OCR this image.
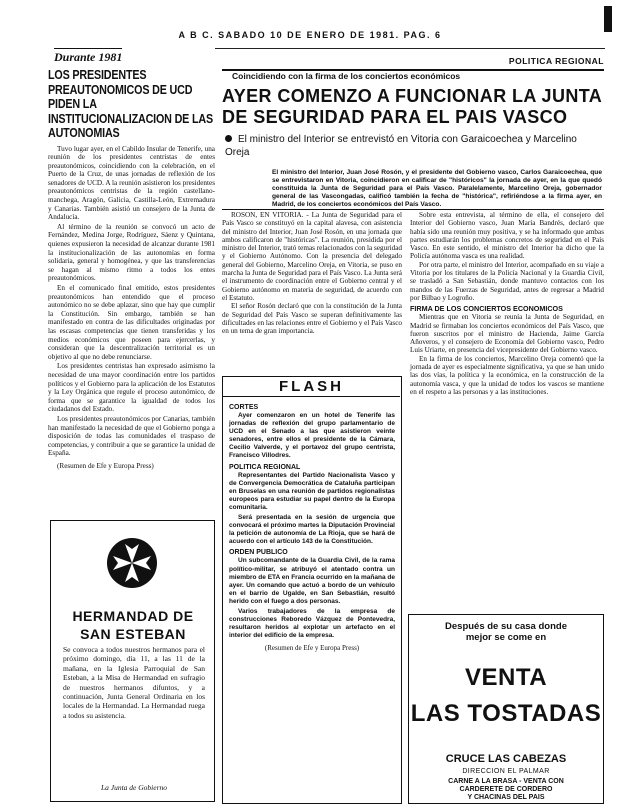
A B C. SABADO 10 DE ENERO DE 1981. PAG. 6
Durante 1981
LOS PRESIDENTES PREAUTONOMICOS DE UCD PIDEN LA INSTITUCIONALIZACION DE LAS AUTONOMIAS

Tuvo lugar ayer, en el Cabildo Insular de Tenerife, una reunión de los presidentes centristas de entes preautonómicos, coincidiendo con la celebración, en el Puerto de la Cruz, de unas jornadas de reflexión de los senadores de UCD. A la reunión asistieron los presidentes preautonómicos centristas de la región castellano-manchega, Aragón, Galicia, Castilla-León, Extremadura y Canarias. También asistió un consejero de la Junta de Andalucía.

Al término de la reunión se convocó un acto de Fernández, Medina Jorge, Rodríguez, Sáenz y Quintana, quienes expusieron la necesidad de alcanzar durante 1981 la institucionalización de las autonomías en forma solidaria, general y homogénea, y que las transferencias se hagan al mismo ritmo a todos los entes preautonómicos.

En el comunicado final emitido, estos presidentes preautonómicos han entendido que el proceso autonómico no se debe aplazar, sino que hay que cumplir la Constitución. Sin embargo, también se han manifestado en contra de las dificultades originadas por las escasas competencias que tienen transferidas y los medios económicos que poseen para ejercerlas, y consideran que la descentralización territorial es un objetivo al que no debe renunciarse.

Los presidentes centristas han expresado asimismo la necesidad de una mayor coordinación entre los partidos políticos y el Gobierno para la aplicación de los Estatutos y la Ley Orgánica que regule el proceso autonómico, de forma que se garantice la igualdad de todos los ciudadanos del Estado.

Los presidentes preautonómicos por Canarias, también han manifestado la necesidad de que el Gobierno ponga a disposición de todas las comunidades el traspaso de competencias, y contribuir a que se garantice la unidad de España.

(Resumen de Efe y Europa Press)
HERMANDAD DE SAN ESTEBAN
Se convoca a todos nuestros hermanos para el próximo domingo, día 11, a las 11 de la mañana, en la Iglesia Parroquial de San Esteban, a la Misa de Hermandad en sufragio de nuestros hermanos difuntos, y a continuación, Junta General Ordinaria en los locales de la Hermandad. La Hermandad ruega a todos su asistencia.
La Junta de Gobierno
POLITICA REGIONAL
Coincidiendo con la firma de los conciertos económicos
AYER COMENZO A FUNCIONAR LA JUNTA DE SEGURIDAD PARA EL PAIS VASCO
El ministro del Interior se entrevistó en Vitoria con Garaicoechea y Marcelino Oreja
El ministro del Interior, Juan José Rosón, y el presidente del Gobierno vasco, Carlos Garaicoechea, que se entrevistaron en Vitoria, coincidieron en calificar de "históricos" la jornada de ayer, en la que quedó constituida la Junta de Seguridad para el País Vasco. Paralelamente, Marcelino Oreja, gobernador general de las Vascongadas, calificó también la fecha de "histórica", refiriéndose a la firma ayer, en Madrid, de los conciertos económicos del País Vasco.

ROSON, EN VITORIA. - La Junta de Seguridad para el País Vasco se constituyó en la capital alavesa, con asistencia del ministro del Interior, Juan José Rosón, en una jornada que ambos calificaron de "históricas". La reunión, presidida por el ministro del Interior, trató temas relacionados con la seguridad y el Gobierno Autónomo. Con la presencia del delegado general del Gobierno, Marcelino Oreja, en Vitoria, se puso en marcha la Junta de Seguridad para el País Vasco. La Junta será el instrumento de coordinación entre el Gobierno central y el Gobierno autónomo en materia de seguridad, de acuerdo con el Estatuto.

El señor Rosón declaró que con la constitución de la Junta de Seguridad del País Vasco se superan definitivamente las dificultades en las relaciones entre el Gobierno y el País Vasco en un tema de gran importancia.

Sobre esta entrevista, al término de ella, el consejero del Interior del Gobierno vasco, Juan María Bandrés, declaró que había sido una reunión muy positiva, y se ha informado que ambas partes estudiarán los problemas concretos de seguridad en el País Vasco. En este sentido, el ministro del Interior ha dicho que la Policía autónoma vasca es una realidad.

Por otra parte, el ministro del Interior, acompañado en su viaje a Vitoria por los titulares de la Policía Nacional y la Guardia Civil, se trasladó a San Sebastián, donde mantuvo contactos con los mandos de las Fuerzas de Seguridad, antes de regresar a Madrid por Bilbao y Logroño.

FIRMA DE LOS CONCIERTOS ECONOMICOS

Mientras que en Vitoria se reunía la Junta de Seguridad, en Madrid se firmaban los conciertos económicos del País Vasco, que fueron suscritos por el ministro de Hacienda, Jaime García Añoveros, y el consejero de Economía del Gobierno vasco, Pedro Luis Uriarte, en presencia del vicepresidente del Gobierno vasco.

En la firma de los conciertos, Marcelino Oreja comentó que la jornada de ayer es especialmente significativa, ya que se han unido las dos vías, la política y la económica, en la construcción de la autonomía vasca, y que la unidad de todos los vascos se mantiene en el respeto a las personas y a las instituciones.

FLASH
CORTES
Ayer comenzaron en un hotel de Tenerife las jornadas de reflexión del grupo parlamentario de UCD en el Senado a las que asistieron veinte senadores, entre ellos el presidente de la Cámara, Cecilio Valverde, y el portavoz del grupo centrista, Francisco Villodres.
POLITICA REGIONAL
Representantes del Partido Nacionalista Vasco y de Convergencia Democrática de Cataluña participan en Bruselas en una reunión de partidos regionalistas europeos para estudiar su papel dentro de la Europa comunitaria.
Será presentada en la sesión de urgencia que convocará el próximo martes la Diputación Provincial la petición de autonomía de La Rioja, que se hará de acuerdo con el artículo 143 de la Constitución.
ORDEN PUBLICO
Un subcomandante de la Guardia Civil, de la rama político-militar, se atribuyó el atentado contra un miembro de ETA en Francia ocurrido en la mañana de ayer. Un comando que actuó a bordo de un vehículo en el barrio de Ugalde, en San Sebastián, resultó herido con el fuego a dos personas.
Varios trabajadores de la empresa de construcciones Reboredo Vázquez de Pontevedra, resultaron heridos al explotar un artefacto en el interior del edificio de la empresa.
(Resumen de Efe y Europa Press)
Después de su casa donde
mejor se come en
VENTA
LAS TOSTADAS
CRUCE LAS CABEZAS
DIRECCION EL PALMAR
CARNE A LA BRASA - VENTA CON
CARDERETE DE CORDERO
Y CHACINAS DEL PAIS
